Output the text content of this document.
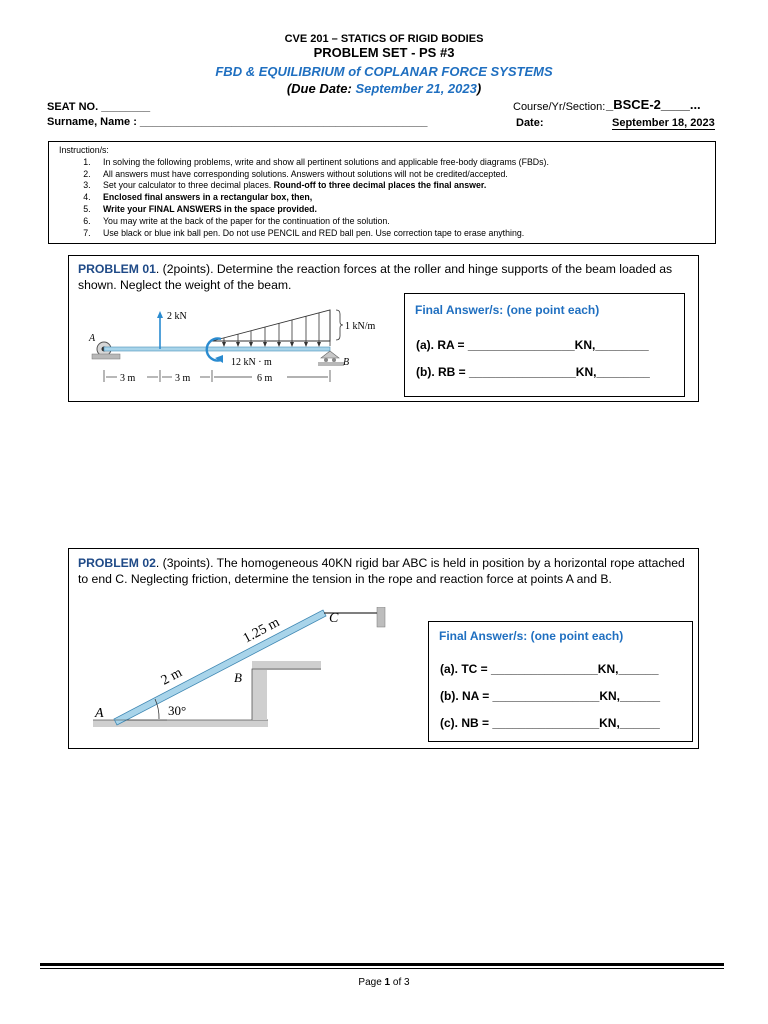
CVE 201 – STATICS OF RIGID BODIES
PROBLEM SET - PS #3
FBD & EQUILIBRIUM of COPLANAR FORCE SYSTEMS
(Due Date: September 21, 2023)
SEAT NO. ________
Surname, Name : _______________________________________________
Course/Yr/Section: _BSCE-2____...
Date:	September 18, 2023
Instruction/s:
1. In solving the following problems, write and show all pertinent solutions and applicable free-body diagrams (FBDs).
2. All answers must have corresponding solutions. Answers without solutions will not be credited/accepted.
3. Set your calculator to three decimal places. Round-off to three decimal places the final answer.
4. Enclosed final answers in a rectangular box, then,
5. Write your FINAL ANSWERS in the space provided.
6. You may write at the back of the paper for the continuation of the solution.
7. Use black or blue ink ball pen. Do not use PENCIL and RED ball pen. Use correction tape to erase anything.
PROBLEM 01. (2points). Determine the reaction forces at the roller and hinge supports of the beam loaded as shown. Neglect the weight of the beam.
A
2 kN
1 kN/m
12 kN · m	B
3 m	3 m	6 m
Final Answer/s: (one point each)
(a). RA = ________________KN,________
(b). RB = ________________KN,________
PROBLEM 02. (3points). The homogeneous 40KN rigid bar ABC is held in position by a horizontal rope attached to end C. Neglecting friction, determine the tension in the rope and reaction force at points A and B.
30°
A
B
C
2 m
1.25 m	Final Answer/s: (one point each)
(a). TC = ________________KN,______
(b). NA = ________________KN,______
(c). NB = ________________KN,______
Page 1 of 3
